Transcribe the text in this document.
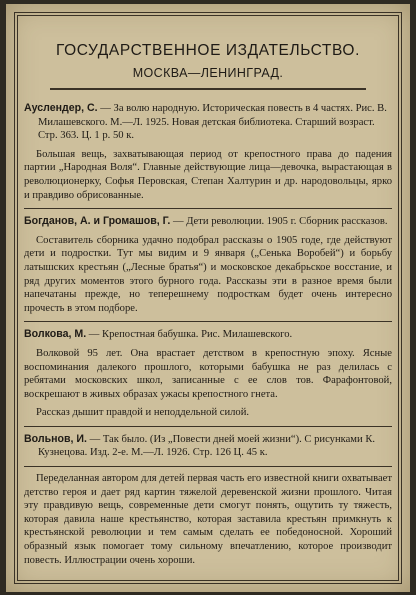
ГОСУДАРСТВЕННОЕ ИЗДАТЕЛЬСТВО.
МОСКВА—ЛЕНИНГРАД.

Ауслендер, С. — За волю народную. Историческая повесть в 4 частях. Рис. В. Милашевского. М.—Л. 1925. Новая детская библиотека. Старший возраст. Стр. 363. Ц. 1 р. 50 к.

Большая вещь, захватывающая период от крепостного права до падения партии „Народная Воля“. Главные действующие лица—девочка, вырастающая в революционерку, Софья Перовская, Степан Халтурин и др. народовольцы, ярко и правдиво обрисованные.

Богданов, А. и Громашов, Г. — Дети революции. 1905 г. Сборник рассказов.

Составитель сборника удачно подобрал рассказы о 1905 годе, где действуют дети и подростки. Тут мы видим и 9 января („Сенька Воробей“) и борьбу латышских крестьян („Лесные братья“) и московское декабрьское восстание, и ряд других моментов этого бурного года. Рассказы эти в разное время были напечатаны прежде, но теперешнему подросткам будет очень интересно прочесть в этом подборе.

Волкова, М. — Крепостная бабушка. Рис. Милашевского.

Волковой 95 лет. Она врастает детством в крепостную эпоху. Ясные воспоминания далекого прошлого, которыми бабушка не раз делилась с ребятами московских школ, записанные с ее слов тов. Фарафонтовой, воскрешают в живых образах ужасы крепостного гнета.

Рассказ дышит правдой и неподдельной силой.

Вольнов, И. — Так было. (Из „Повести дней моей жизни“). С рисунками К. Кузнецова. Изд. 2-е. М.—Л. 1926. Стр. 126 Ц. 45 к.

Переделанная автором для детей первая часть его известной книги охватывает детство героя и дает ряд картин тяжелой деревенской жизни прошлого. Читая эту правдивую вещь, современные дети смогут понять, ощутить ту тяжесть, которая давила наше крестьянство, которая заставила крестьян примкнуть к крестьянской революции и тем самым сделать ее победоносной. Хороший образный язык помогает тому сильному впечатлению, которое производит повесть. Иллюстрации очень хороши.
